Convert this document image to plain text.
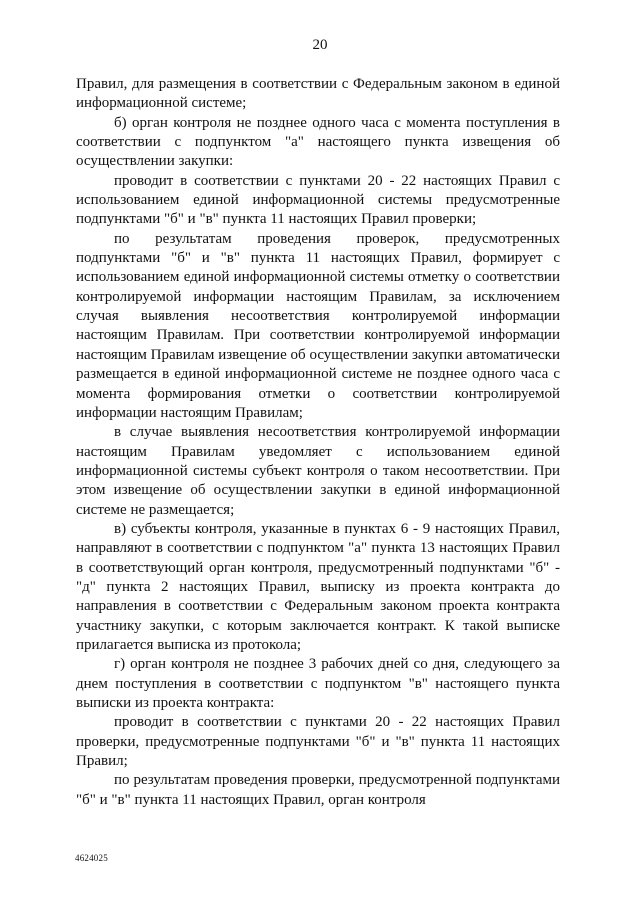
20

Правил, для размещения в соответствии с Федеральным законом в единой информационной системе;

б) орган контроля не позднее одного часа с момента поступления в соответствии с подпунктом "а" настоящего пункта извещения об осуществлении закупки:

проводит в соответствии с пунктами 20 - 22 настоящих Правил с использованием единой информационной системы предусмотренные подпунктами "б" и "в" пункта 11 настоящих Правил проверки;

по результатам проведения проверок, предусмотренных подпунктами "б" и "в" пункта 11 настоящих Правил, формирует с использованием единой информационной системы отметку о соответствии контролируемой информации настоящим Правилам, за исключением случая выявления несоответствия контролируемой информации настоящим Правилам. При соответствии контролируемой информации настоящим Правилам извещение об осуществлении закупки автоматически размещается в единой информационной системе не позднее одного часа с момента формирования отметки о соответствии контролируемой информации настоящим Правилам;

в случае выявления несоответствия контролируемой информации настоящим Правилам уведомляет с использованием единой информационной системы субъект контроля о таком несоответствии. При этом извещение об осуществлении закупки в единой информационной системе не размещается;

в) субъекты контроля, указанные в пунктах 6 - 9 настоящих Правил, направляют в соответствии с подпунктом "а" пункта 13 настоящих Правил в соответствующий орган контроля, предусмотренный подпунктами "б" - "д" пункта 2 настоящих Правил, выписку из проекта контракта до направления в соответствии с Федеральным законом проекта контракта участнику закупки, с которым заключается контракт. К такой выписке прилагается выписка из протокола;

г) орган контроля не позднее 3 рабочих дней со дня, следующего за днем поступления в соответствии с подпунктом "в" настоящего пункта выписки из проекта контракта:

проводит в соответствии с пунктами 20 - 22 настоящих Правил проверки, предусмотренные подпунктами "б" и "в" пункта 11 настоящих Правил;

по результатам проведения проверки, предусмотренной подпунктами "б" и "в" пункта 11 настоящих Правил, орган контроля

4624025
